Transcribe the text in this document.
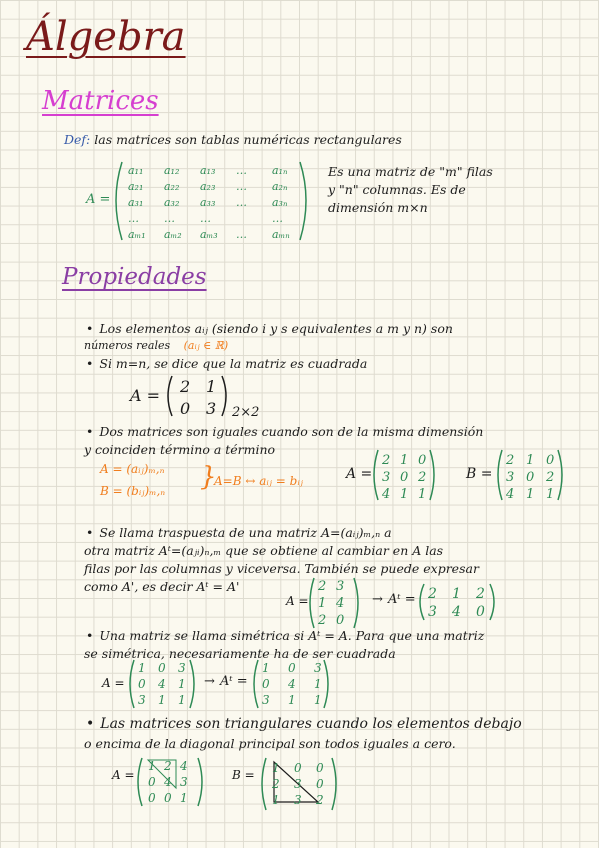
Álgebra
Matrices
Def: las matrices son tablas numéricas rectangulares
A =
a₁₁ a₁₂ a₁₃ … a₁ₙ
a₂₁ a₂₂ a₂₃ … a₂ₙ
a₃₁ a₃₂ a₃₃ … a₃ₙ
… … …	…
aₘ₁ aₘ₂ aₘ₃ … aₘₙ
Es una matriz de "m" filas
y "n" columnas. Es de
dimensión m×n
Propiedades
• Los elementos aᵢⱼ (siendo i y s equivalentes a m y n) son
números reales (aᵢⱼ ∈ ℝ)
• Si m=n, se dice que la matriz es cuadrada
A = 2 1
0 3 2×2
• Dos matrices son iguales cuando son de la misma dimensión
y coinciden término a término
A = (aᵢⱼ)ₘ,ₙ
B = (bᵢⱼ)ₘ,ₙ }
A=B ↔ aᵢⱼ = bᵢⱼ	A =
2 1 0
3 0 2
4 1 1
B =
2 1 0
3 0 2
4 1 1
• Se llama traspuesta de una matriz A=(aᵢⱼ)ₘ,ₙ a
otra matriz Aᵗ=(aⱼᵢ)ₙ,ₘ que se obtiene al cambiar en A las
filas por las columnas y viceversa. También se puede expresar
como A', es decir Aᵗ = A'
A =
2 3
1 4
2 0
→ Aᵗ = 2 1 2
3 4 0
• Una matriz se llama simétrica si Aᵗ = A. Para que una matriz
se simétrica, necesariamente ha de ser cuadrada
A =
1 0 3
0 4 1
3 1 1
→ Aᵗ =
1 0 3
0 4 1
3 1 1
• Las matrices son triangulares cuando los elementos debajo
o encima de la diagonal principal son todos iguales a cero.
A =
1 2 4
0 4 3
0 0 1
B = 1 0 0
2 3 0
1 3 2
